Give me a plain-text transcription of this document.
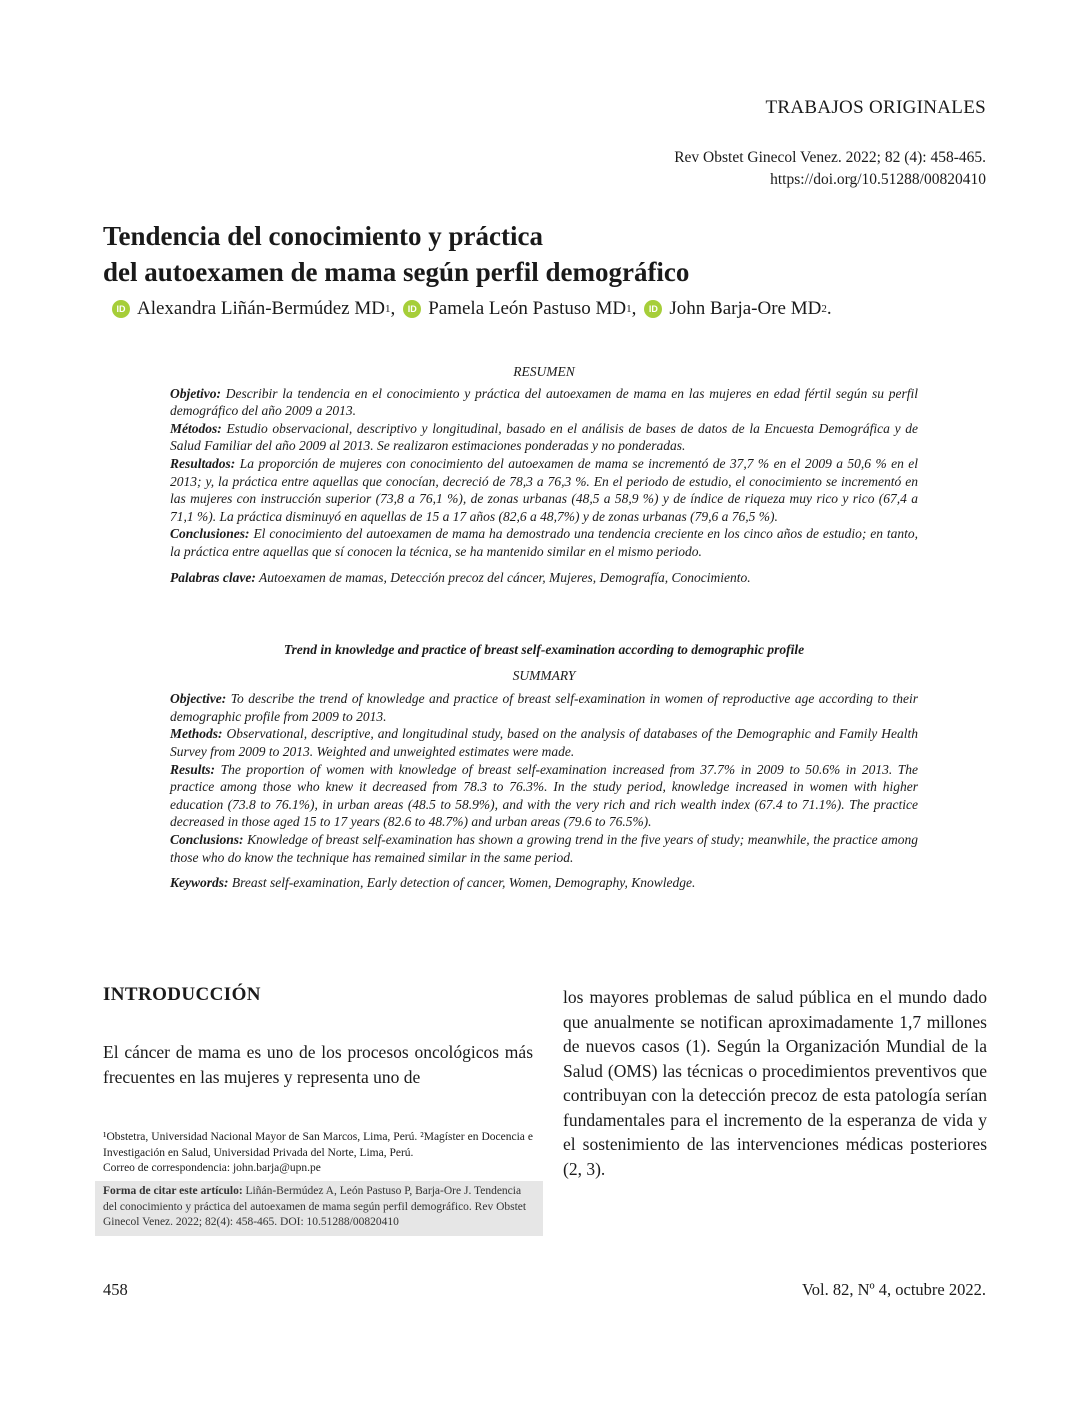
TRABAJOS ORIGINALES
Rev Obstet Ginecol Venez. 2022; 82 (4): 458-465.
https://doi.org/10.51288/00820410
Tendencia del conocimiento y práctica
del autoexamen de mama según perfil demográfico
ID Alexandra Liñán-Bermúdez MD 1 ,	ID Pamela León Pastuso MD 1 ,	ID John Barja-Ore MD 2 .
RESUMEN

Objetivo: Describir la tendencia en el conocimiento y práctica del autoexamen de mama en las mujeres en edad fértil según su perfil demográfico del año 2009 a 2013.

Métodos: Estudio observacional, descriptivo y longitudinal, basado en el análisis de bases de datos de la Encuesta Demográfica y de Salud Familiar del año 2009 al 2013. Se realizaron estimaciones ponderadas y no ponderadas.

Resultados: La proporción de mujeres con conocimiento del autoexamen de mama se incrementó de 37,7 % en el 2009 a 50,6 % en el 2013; y, la práctica entre aquellas que conocían, decreció de 78,3 a 76,3 %. En el periodo de estudio, el conocimiento se incrementó en las mujeres con instrucción superior (73,8 a 76,1 %), de zonas urbanas (48,5 a 58,9 %) y de índice de riqueza muy rico y rico (67,4 a 71,1 %). La práctica disminuyó en aquellas de 15 a 17 años (82,6 a 48,7%) y de zonas urbanas (79,6 a 76,5 %).

Conclusiones: El conocimiento del autoexamen de mama ha demostrado una tendencia creciente en los cinco años de estudio; en tanto, la práctica entre aquellas que sí conocen la técnica, se ha mantenido similar en el mismo periodo.

Palabras clave: Autoexamen de mamas, Detección precoz del cáncer, Mujeres, Demografía, Conocimiento.

Trend in knowledge and practice of breast self-examination according to demographic profile
SUMMARY

Objective: To describe the trend of knowledge and practice of breast self-examination in women of reproductive age according to their demographic profile from 2009 to 2013.

Methods: Observational, descriptive, and longitudinal study, based on the analysis of databases of the Demographic and Family Health Survey from 2009 to 2013. Weighted and unweighted estimates were made.

Results: The proportion of women with knowledge of breast self-examination increased from 37.7% in 2009 to 50.6% in 2013. The practice among those who knew it decreased from 78.3 to 76.3%. In the study period, knowledge increased in women with higher education (73.8 to 76.1%), in urban areas (48.5 to 58.9%), and with the very rich and rich wealth index (67.4 to 71.1%). The practice decreased in those aged 15 to 17 years (82.6 to 48.7%) and urban areas (79.6 to 76.5%).

Conclusions: Knowledge of breast self-examination has shown a growing trend in the five years of study; meanwhile, the practice among those who do know the technique has remained similar in the same period.

Keywords: Breast self-examination, Early detection of cancer, Women, Demography, Knowledge.

INTRODUCCIÓN
El cáncer de mama es uno de los procesos oncológicos más frecuentes en las mujeres y representa uno de
los mayores problemas de salud pública en el mundo dado que anualmente se notifican aproximadamente 1,7 millones de nuevos casos (1). Según la Organización Mundial de la Salud (OMS) las técnicas o procedimientos preventivos que contribuyan con la detección precoz de esta patología serían fundamentales para el incremento de la esperanza de vida y el sostenimiento de las intervenciones médicas posteriores (2, 3).
¹Obstetra, Universidad Nacional Mayor de San Marcos, Lima, Perú. ²Magíster en Docencia e Investigación en Salud, Universidad Privada del Norte, Lima, Perú.
Correo de correspondencia: john.barja@upn.pe
Forma de citar este artículo: Liñán-Bermúdez A, León Pastuso P, Barja-Ore J. Tendencia del conocimiento y práctica del autoexamen de mama según perfil demográfico. Rev Obstet Ginecol Venez. 2022; 82(4): 458-465. DOI: 10.51288/00820410
458	Vol. 82, Nº 4, octubre 2022.
